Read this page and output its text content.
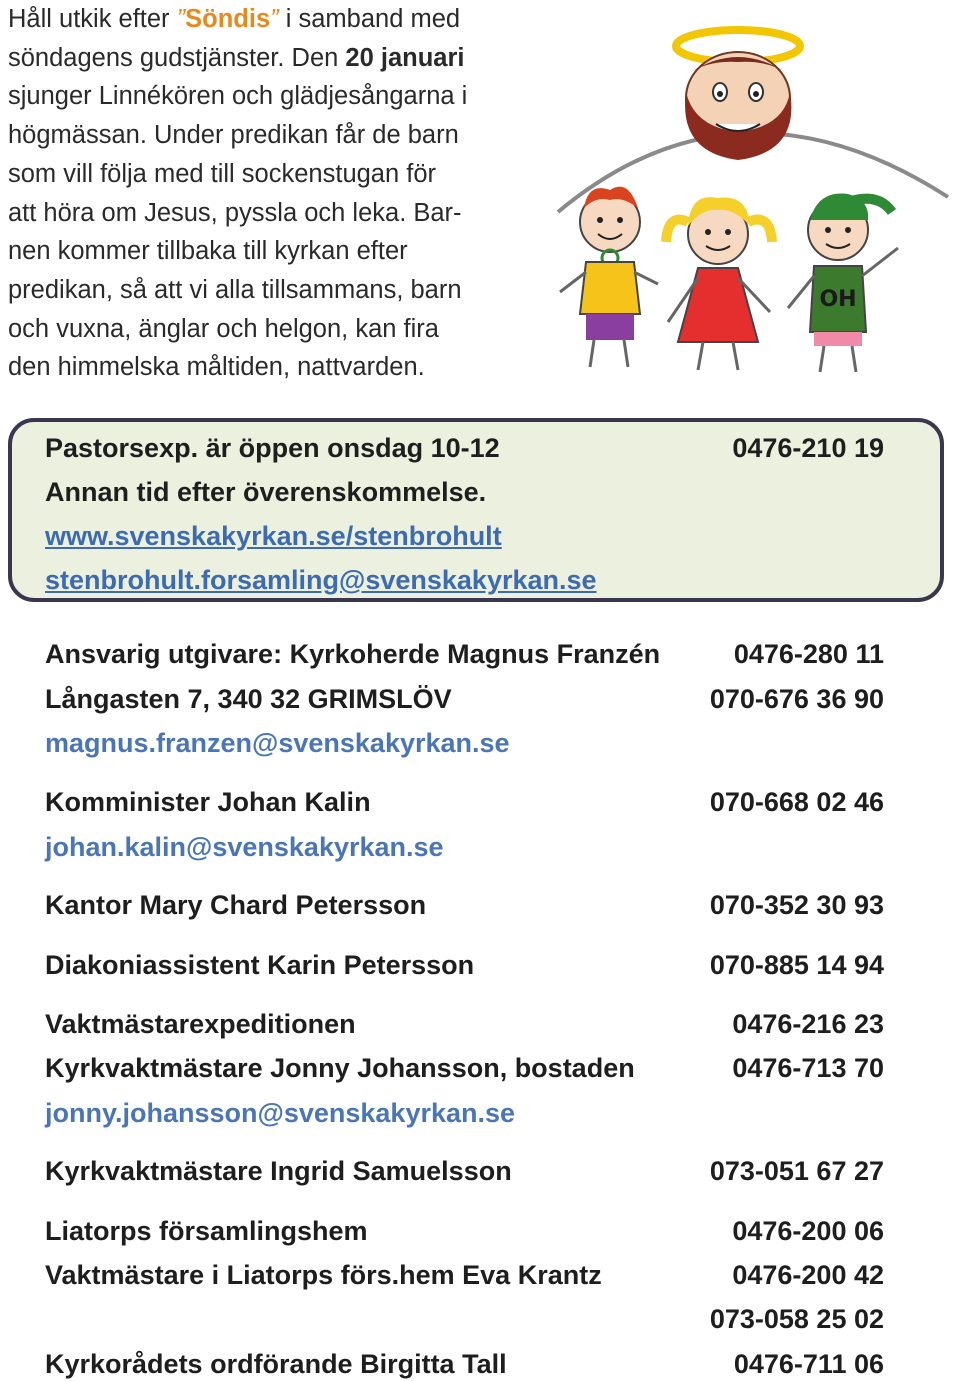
Håll utkik efter ”Söndis” i samband med
söndagens gudstjänster. Den 20 januari
sjunger Linnékören och glädjesångarna i
högmässan. Under predikan får de barn
som vill följa med till sockenstugan för
att höra om Jesus, pyssla och leka. Bar-
nen kommer tillbaka till kyrkan efter
predikan, så att vi alla tillsammans, barn
och vuxna, änglar och helgon, kan fira
den himmelska måltiden, nattvarden.
OH
Pastorsexp. är öppen onsdag 10-12	0476-210 19
Annan tid efter överenskommelse.
www.svenskakyrkan.se/stenbrohult
stenbrohult.forsamling@svenskakyrkan.se
Ansvarig utgivare: Kyrkoherde Magnus Franzén	0476-280 11
Långasten 7, 340 32 GRIMSLÖV	070-676 36 90
magnus.franzen@svenskakyrkan.se
Komminister Johan Kalin	070-668 02 46
johan.kalin@svenskakyrkan.se
Kantor Mary Chard Petersson	070-352 30 93
Diakoniassistent Karin Petersson	070-885 14 94
Vaktmästarexpeditionen	0476-216 23
Kyrkvaktmästare Jonny Johansson, bostaden	0476-713 70
jonny.johansson@svenskakyrkan.se
Kyrkvaktmästare Ingrid Samuelsson	073-051 67 27
Liatorps församlingshem	0476-200 06
Vaktmästare i Liatorps förs.hem Eva Krantz	0476-200 42
073-058 25 02
Kyrkorådets ordförande Birgitta Tall	0476-711 06
